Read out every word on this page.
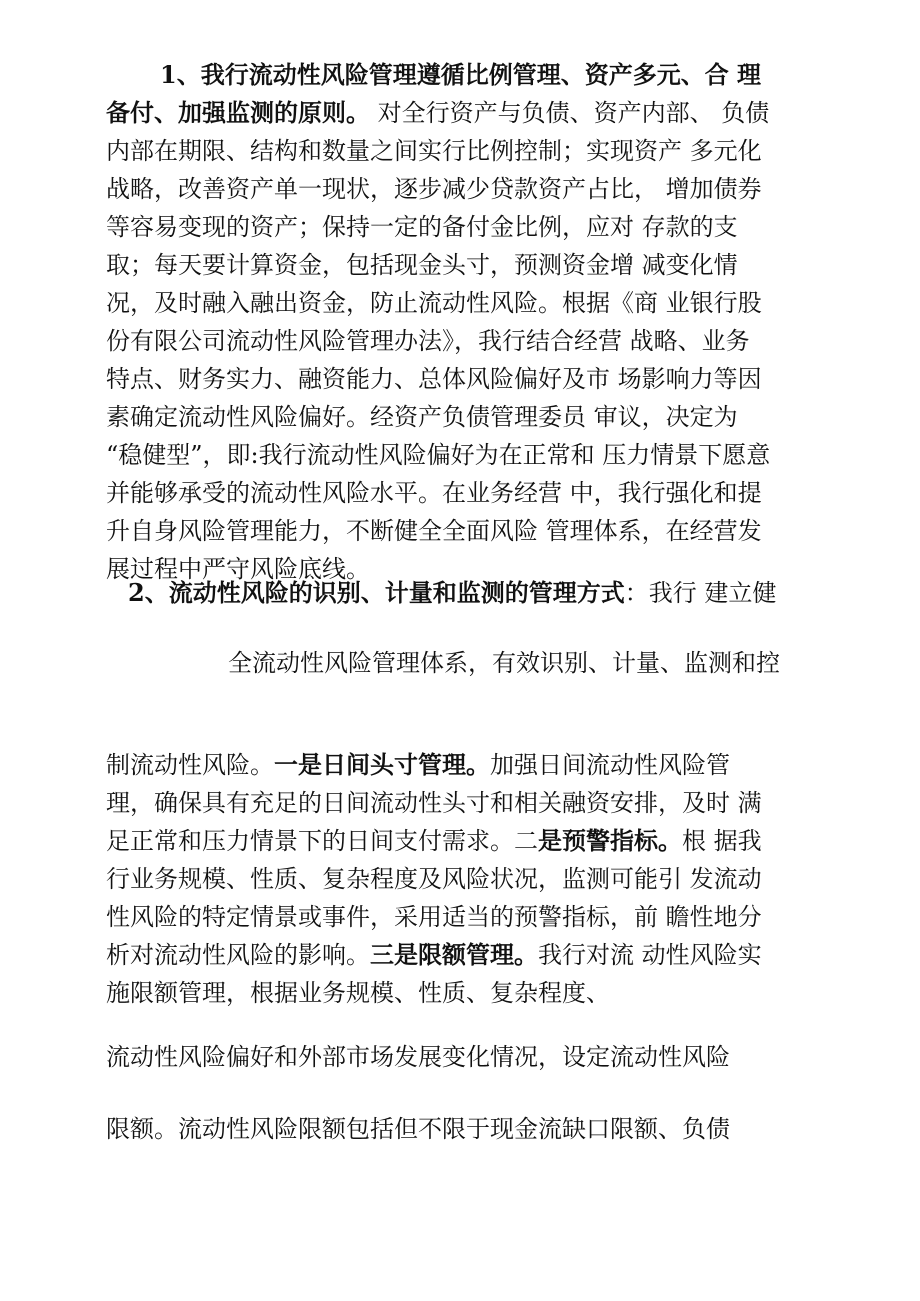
1、我行流动性风险管理遵循比例管理、资产多元、合 理
备付、加强监测的原则。 对全行资产与负债、资产内部、 负债
内部在期限、结构和数量之间实行比例控制；实现资产 多元化
战略，改善资产单一现状，逐步减少贷款资产占比， 增加债券
等容易变现的资产；保持一定的备付金比例，应对 存款的支
取；每天要计算资金，包括现金头寸，预测资金增 减变化情
况，及时融入融出资金，防止流动性风险。根据《商 业银行股
份有限公司流动性风险管理办法》，我行结合经营 战略、业务
特点、财务实力、融资能力、总体风险偏好及市 场影响力等因
素确定流动性风险偏好。经资产负债管理委员 审议，决定为
“稳健型”，即:我行流动性风险偏好为在正常和 压力情景下愿意
并能够承受的流动性风险水平。在业务经营 中，我行强化和提
升自身风险管理能力，不断健全全面风险 管理体系，在经营发
展过程中严守风险底线。
2、流动性风险的识别、计量和监测的管理方式：我行 建立健
全流动性风险管理体系，有效识别、计量、监测和控
制流动性风险。一是日间头寸管理。加强日间流动性风险管
理，确保具有充足的日间流动性头寸和相关融资安排，及时 满
足正常和压力情景下的日间支付需求。二是预警指标。根 据我
行业务规模、性质、复杂程度及风险状况，监测可能引 发流动
性风险的特定情景或事件，采用适当的预警指标，前 瞻性地分
析对流动性风险的影响。三是限额管理。我行对流 动性风险实
施限额管理，根据业务规模、性质、复杂程度、
流动性风险偏好和外部市场发展变化情况，设定流动性风险
限额。流动性风险限额包括但不限于现金流缺口限额、负债
